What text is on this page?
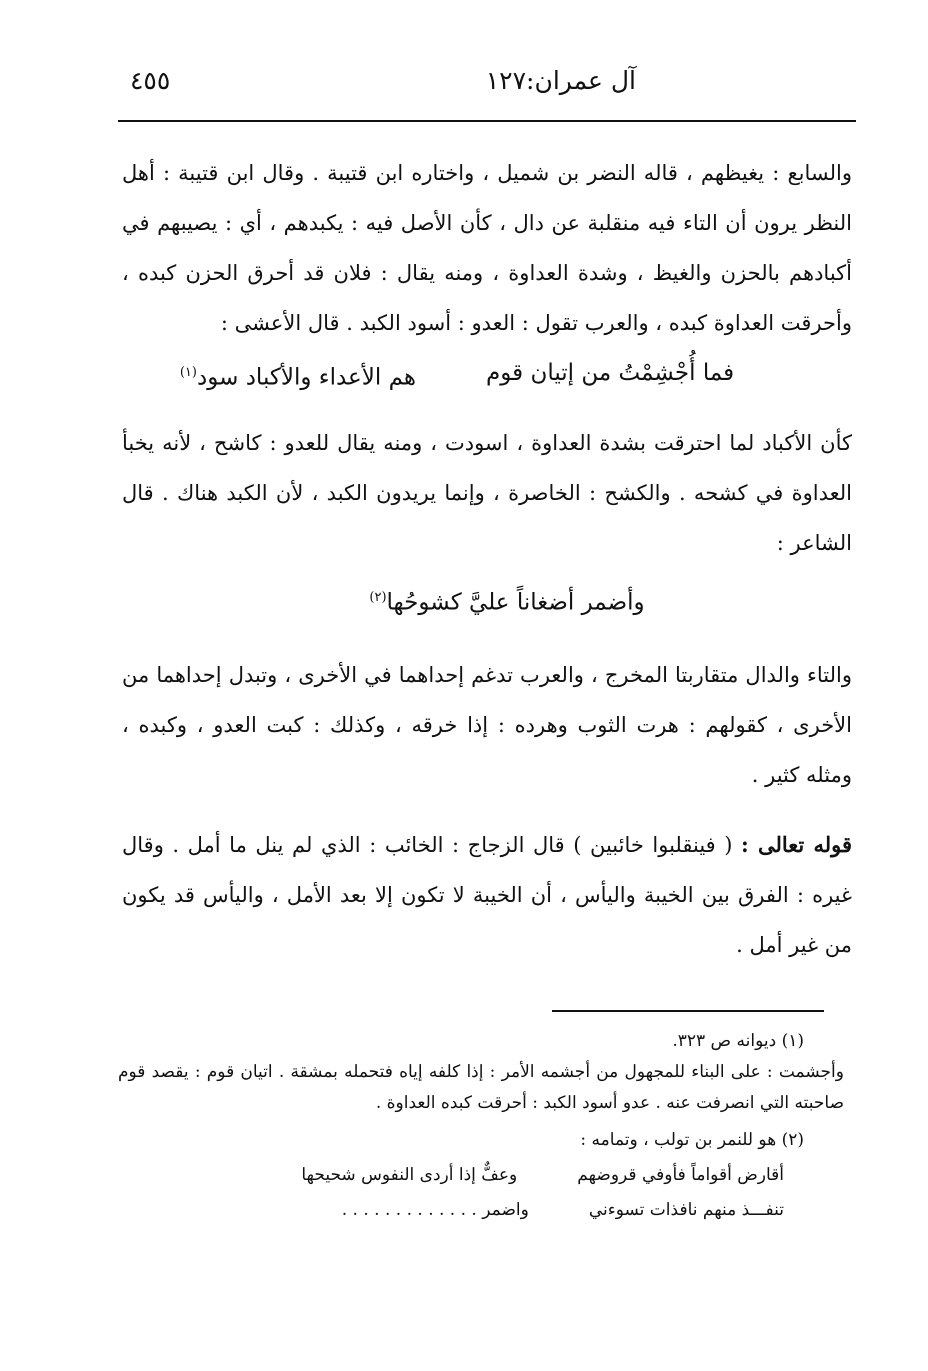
آل عمران:١٢٧
٤٥٥

والسابع : يغيظهم ، قاله النضر بن شميل ، واختاره ابن قتيبة . وقال ابن قتيبة : أهل النظر يرون أن التاء فيه منقلبة عن دال ، كأن الأصل فيه : يكبدهم ، أي : يصيبهم في أكبادهم بالحزن والغيظ ، وشدة العداوة ، ومنه يقال : فلان قد أحرق الحزن كبده ، وأحرقت العداوة كبده ، والعرب تقول : العدو : أسود الكبد . قال الأعشى :

فما أُجْشِمْتُ من إتيان قوم
هم الأعداء والأكباد سود$^{(١)}$

كأن الأكباد لما احترقت بشدة العداوة ، اسودت ، ومنه يقال للعدو : كاشح ، لأنه يخبأ العداوة في كشحه . والكشح : الخاصرة ، وإنما يريدون الكبد ، لأن الكبد هناك . قال الشاعر :

وأضمر أضغاناً عليَّ كشوحُها$^{(٢)}$

والتاء والدال متقاربتا المخرج ، والعرب تدغم إحداهما في الأخرى ، وتبدل إحداهما من الأخرى ، كقولهم : هرت الثوب وهرده : إذا خرقه ، وكذلك : كبت العدو ، وكبده ، ومثله كثير .

قوله تعالى : ( فينقلبوا خائبين ) قال الزجاج : الخائب : الذي لم ينل ما أمل . وقال غيره : الفرق بين الخيبة واليأس ، أن الخيبة لا تكون إلا بعد الأمل ، واليأس قد يكون من غير أمل .

(١) ديوانه ص ٣٢٣.

وأجشمت : على البناء للمجهول من أجشمه الأمر : إذا كلفه إياه فتحمله بمشقة . اتيان قوم : يقصد قوم صاحبته التي انصرفت عنه . عدو أسود الكبد : أحرقت كبده العداوة .

(٢) هو للنمر بن تولب ، وتمامه :

أقارض أقواماً فأوفي قروضهم
وعفٌّ إذا أردى النفوس شحيحها
تنفـــذ منهم نافذات تسوءني
واضمر . . . . . . . . . . . . .
